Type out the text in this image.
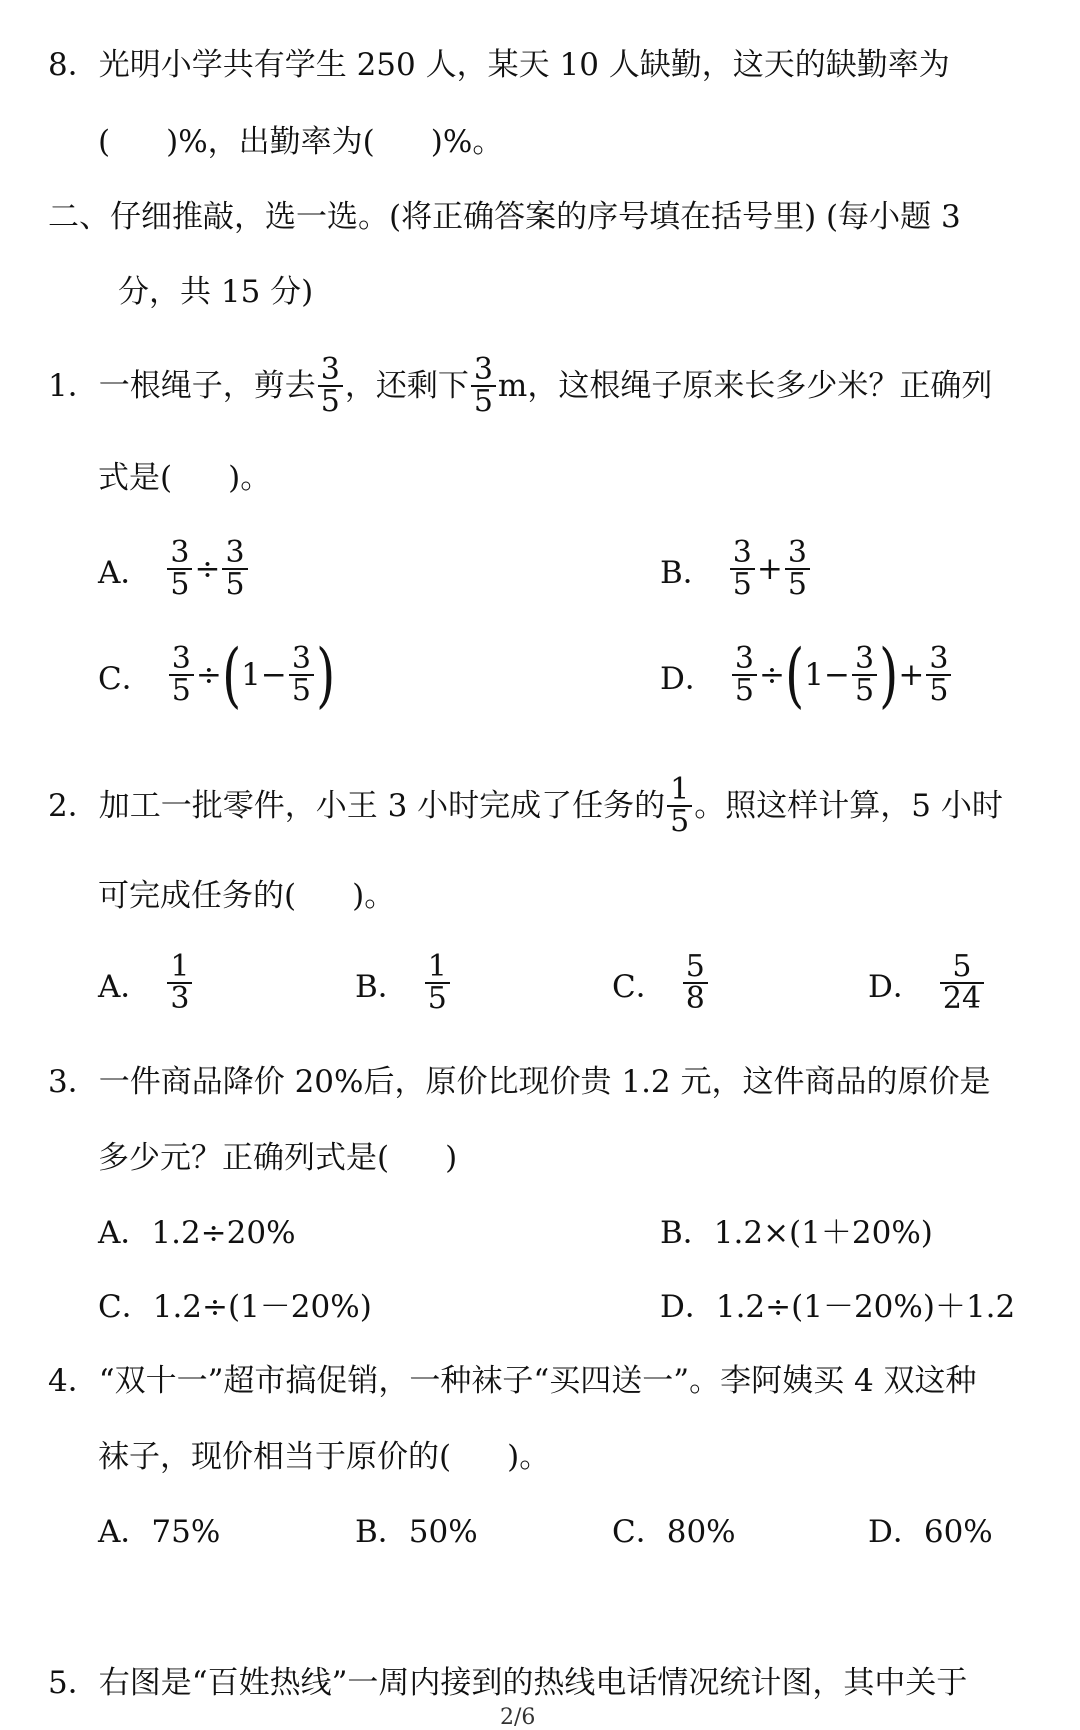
8．光明小学共有学生 250 人，某天 10 人缺勤，这天的缺勤率为
( )%，出勤率为( )%。
二、仔细推敲，选一选。(将正确答案的序号填在括号里) (每小题 3
分，共 15 分)
1． 一根绳子，剪去 $\frac{3}{5}$ ，还剩下 $\frac{3}{5}$ m，这根绳子原来长多少米？正确列
式是( )。
A． $\frac{3}{5} \div \frac{3}{5}$	B． $\frac{3}{5} + \frac{3}{5}$
C． $\frac{3}{5}$ ÷ ( $1- \frac{3}{5}$ )	D． $\frac{3}{5}$ ÷ ( $1- \frac{3}{5}$ ) + $\frac{3}{5}$
2． 加工一批零件，小王 3 小时完成了任务的 $\frac{1}{5}$ 。照这样计算，5 小时
可完成任务的( )。
A． $\frac{1}{3}$	B． $\frac{1}{5}$	C． $\frac{5}{8}$	D． $\frac{5}{24}$
3．一件商品降价 20%后，原价比现价贵 1.2 元，这件商品的原价是
多少元？正确列式是( )
A．1.2÷20%	B．1.2×(1＋20%)
C．1.2÷(1－20%)	D．1.2÷(1－20%)＋1.2
4．“双十一”超市搞促销，一种袜子“买四送一”。李阿姨买 4 双这种
袜子，现价相当于原价的( )。
A．75%	B．50%	C．80%	D．60%
5．右图是“百姓热线”一周内接到的热线电话情况统计图，其中关于
2/6
